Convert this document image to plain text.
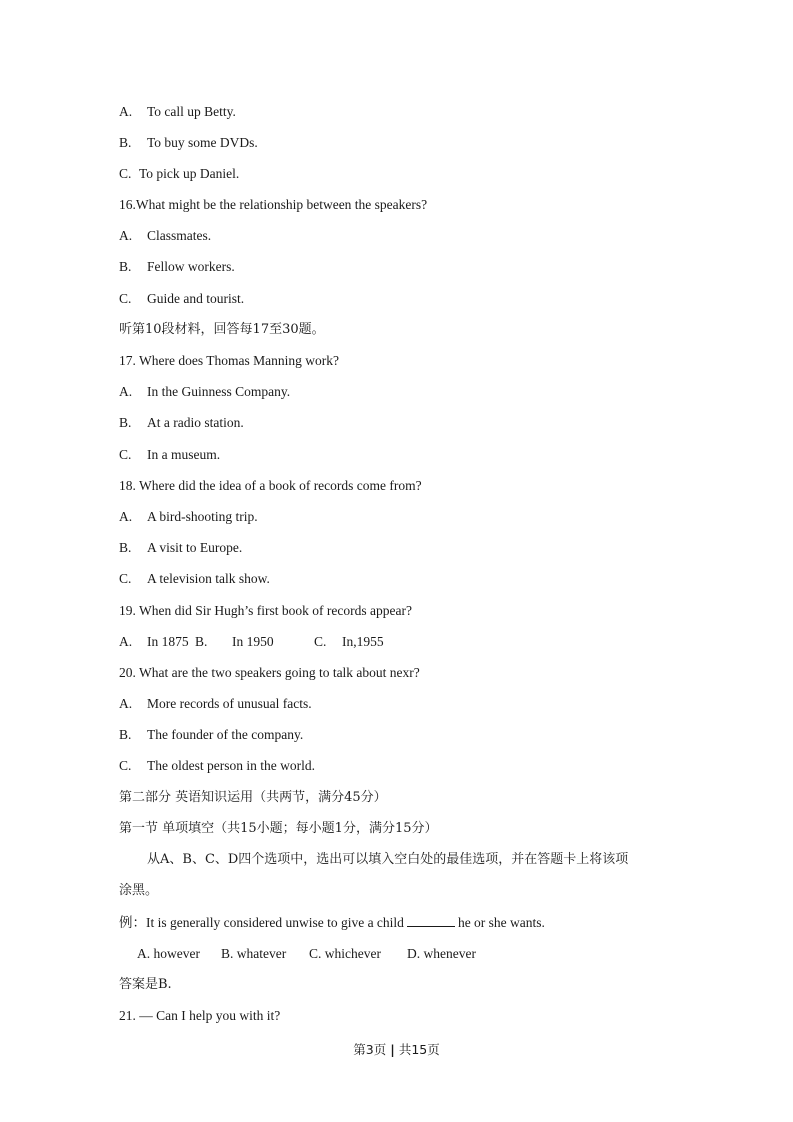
A. To call up Betty.
B. To buy some DVDs.
C. To pick up Daniel.
16.What might be the relationship between the speakers?
A. Classmates.
B. Fellow workers.
C. Guide and tourist.
听第10段材料，回答每17至30题。
17. Where does Thomas Manning work?
A. In the Guinness Company.
B. At a radio station.
C. In a museum.
18. Where did the idea of a book of records come from?
A. A bird-shooting trip.
B. A visit to Europe.
C. A television talk show.
19. When did Sir Hugh’s first book of records appear?
A. In 1875 B. In 1950	C. In,1955
20. What are the two speakers going to talk about nexr?
A. More records of unusual facts.
B. The founder of the company.
C. The oldest person in the world.
第二部分 英语知识运用（共两节，满分45分）
第一节 单项填空（共15小题；每小题1分，满分15分）
从A、B、C、D四个选项中，选出可以填入空白处的最佳选项，并在答题卡上将该项
涂黑。
例：It is generally considered unwise to give a child	he or she wants.
A. however B. whatever C. whichever D. whenever
答案是B.
21. — Can I help you with it?
第3页 | 共15页
